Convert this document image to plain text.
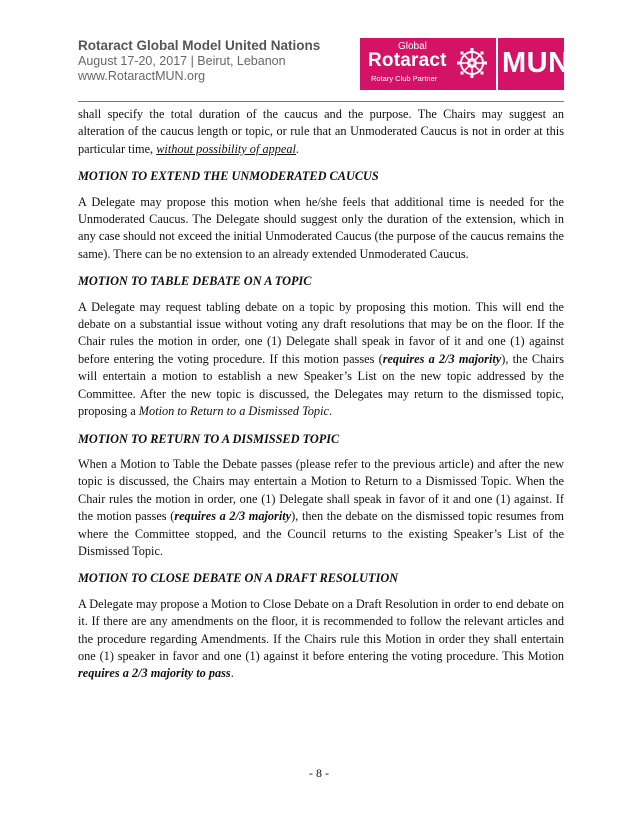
Rotaract Global Model United Nations
August 17-20, 2017 | Beirut, Lebanon
www.RotaractMUN.org
Global
Rotaract
Rotary Club Partner MUN

shall specify the total duration of the caucus and the purpose. The Chairs may suggest an alteration of the caucus length or topic, or rule that an Unmoderated Caucus is not in order at this particular time, without possibility of appeal.

MOTION TO EXTEND THE UNMODERATED CAUCUS

A Delegate may propose this motion when he/she feels that additional time is needed for the Unmoderated Caucus. The Delegate should suggest only the duration of the extension, which in any case should not exceed the initial Unmoderated Caucus (the purpose of the caucus remains the same). There can be no extension to an already extended Unmoderated Caucus.

MOTION TO TABLE DEBATE ON A TOPIC

A Delegate may request tabling debate on a topic by proposing this motion. This will end the debate on a substantial issue without voting any draft resolutions that may be on the floor. If the Chair rules the motion in order, one (1) Delegate shall speak in favor of it and one (1) against before entering the voting procedure. If this motion passes (requires a 2/3 majority), the Chairs will entertain a motion to establish a new Speaker’s List on the new topic addressed by the Committee. After the new topic is discussed, the Delegates may return to the dismissed topic, proposing a Motion to Return to a Dismissed Topic.

MOTION TO RETURN TO A DISMISSED TOPIC

When a Motion to Table the Debate passes (please refer to the previous article) and after the new topic is discussed, the Chairs may entertain a Motion to Return to a Dismissed Topic. When the Chair rules the motion in order, one (1) Delegate shall speak in favor of it and one (1) against. If the motion passes (requires a 2/3 majority), then the debate on the dismissed topic resumes from where the Committee stopped, and the Council returns to the existing Speaker’s List of the Dismissed Topic.

MOTION TO CLOSE DEBATE ON A DRAFT RESOLUTION

A Delegate may propose a Motion to Close Debate on a Draft Resolution in order to end debate on it. If there are any amendments on the floor, it is recommended to follow the relevant articles and the procedure regarding Amendments. If the Chairs rule this Motion in order they shall entertain one (1) speaker in favor and one (1) against it before entering the voting procedure. This Motion requires a 2/3 majority to pass.

- 8 -
